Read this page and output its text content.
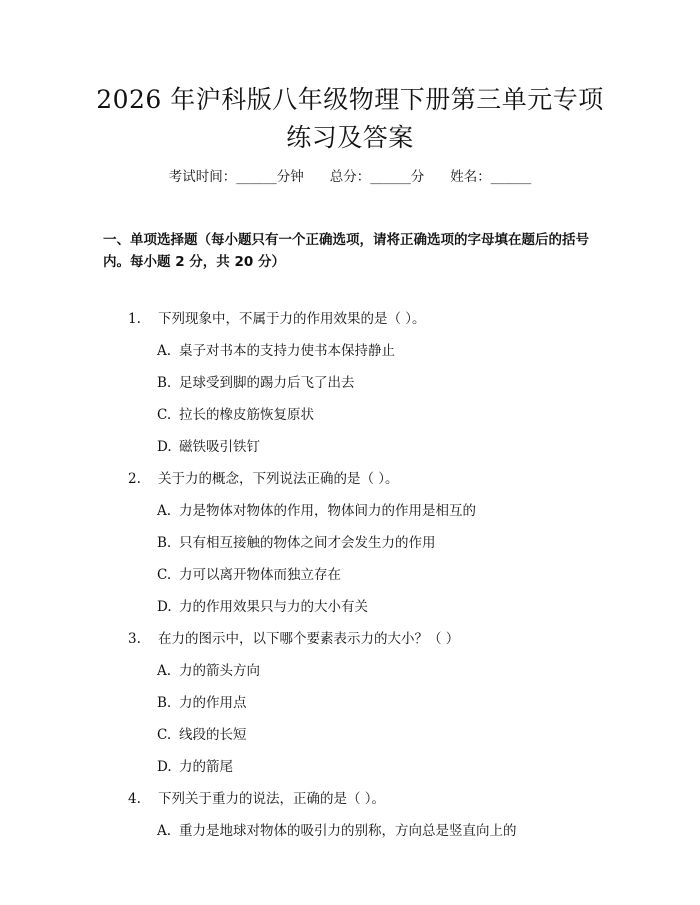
2026 年沪科版八年级物理下册第三单元专项
练习及答案
考试时间：______分钟 总分：______分 姓名：______
一、单项选择题（每小题只有一个正确选项，请将正确选项的字母填在题后的括号内。每小题 2 分，共 20 分）
1. 下列现象中，不属于力的作用效果的是（ ）。
A. 桌子对书本的支持力使书本保持静止
B. 足球受到脚的踢力后飞了出去
C. 拉长的橡皮筋恢复原状
D. 磁铁吸引铁钉
2. 关于力的概念，下列说法正确的是（ ）。
A. 力是物体对物体的作用，物体间力的作用是相互的
B. 只有相互接触的物体之间才会发生力的作用
C. 力可以离开物体而独立存在
D. 力的作用效果只与力的大小有关
3. 在力的图示中，以下哪个要素表示力的大小？（ ）
A. 力的箭头方向
B. 力的作用点
C. 线段的长短
D. 力的箭尾
4. 下列关于重力的说法，正确的是（ ）。
A. 重力是地球对物体的吸引力的别称，方向总是竖直向上的
